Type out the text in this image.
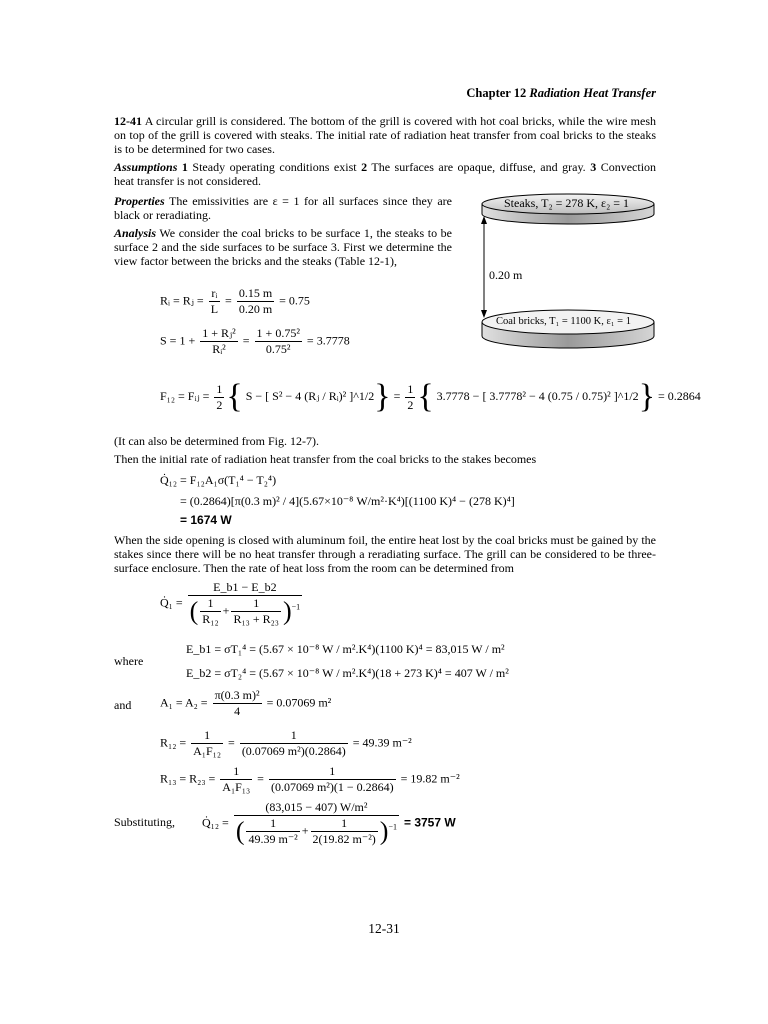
Chapter 12 Radiation Heat Transfer
12-41 A circular grill is considered. The bottom of the grill is covered with hot coal bricks, while the wire mesh on top of the grill is covered with steaks. The initial rate of radiation heat transfer from coal bricks to the steaks is to be determined for two cases.
Assumptions 1 Steady operating conditions exist 2 The surfaces are opaque, diffuse, and gray. 3 Convection heat transfer is not considered.
Properties The emissivities are ε = 1 for all surfaces since they are black or reradiating.
Analysis We consider the coal bricks to be surface 1, the steaks to be surface 2 and the side surfaces to be surface 3. First we determine the view factor between the bricks and the steaks (Table 12-1),
Steaks, T₂ = 278 K, ε₂ = 1
Coal bricks, T₁ = 1100 K, ε₁ = 1
0.20 m
Rᵢ = Rⱼ = $\frac{\text{rᵢ}}{L} = \frac{0.15 m}{0.20 m} = 0.75$
$S = 1 + \frac{\text{1 + Rⱼ²}}{\text{Rᵢ²}} = \frac{\text{1 + 0.75²}}{\text{0.75²}} = 3.7778$
F₁₂ = Fᵢⱼ = $\frac{1}{2}$ { S − [ S² − 4 (Rⱼ / Rᵢ)² ]^1/2} = $\frac{1}{2}$ { 3.7778 − [ 3.7778² − 4 (0.75 / 0.75)² ]^1/2} = 0.2864
(It can also be determined from Fig. 12-7).
Then the initial rate of radiation heat transfer from the coal bricks to the stakes becomes
Q̇₁₂ = F₁₂A₁σ(T₁⁴ − T₂⁴)
= (0.2864)[π(0.3 m)² / 4](5.67×10⁻⁸ W/m²·K⁴)[(1100 K)⁴ − (278 K)⁴]
= 1674 W
When the side opening is closed with aluminum foil, the entire heat lost by the coal bricks must be gained by the stakes since there will be no heat transfer through a reradiating surface. The grill can be considered to be three-surface enclosure. Then the rate of heat loss from the room can be determined from
Q̇₁ = $\frac{E\_b1 - E\_b2}{( \frac{1}{\text{R₁₂}} + \frac{1}{\text{R₁₃ + R₂₃}} )^{-1}}$
where
E_b1 = σT₁⁴ = (5.67 × 10⁻⁸ W / m².K⁴)(1100 K)⁴ = 83,015 W / m²
E_b2 = σT₂⁴ = (5.67 × 10⁻⁸ W / m².K⁴)(18 + 273 K)⁴ = 407 W / m²
and $A_1 = A_2 = \frac{\text{π(0.3 m)²}}{4} = 0.07069$ m²
$R_{12} = \frac{1}{\text{A₁F₁₂}} = \frac{1}{\text{(0.07069 m²)(0.2864)}} = 49.39$ m⁻²
$R_{13} = R_{23} = \frac{1}{\text{A₁F₁₃}} = \frac{1}{\text{(0.07069 m²)(1 − 0.2864)}} = 19.82$ m⁻²
Substituting, Q̇₁₂ = $\frac{\text{(83,015 − 407) W/m²}}{( \frac{1}{\text{49.39 m⁻²}} + \frac{1}{\text{2(19.82 m⁻²)}} )^{-1}} = 3757$ W
12-31
